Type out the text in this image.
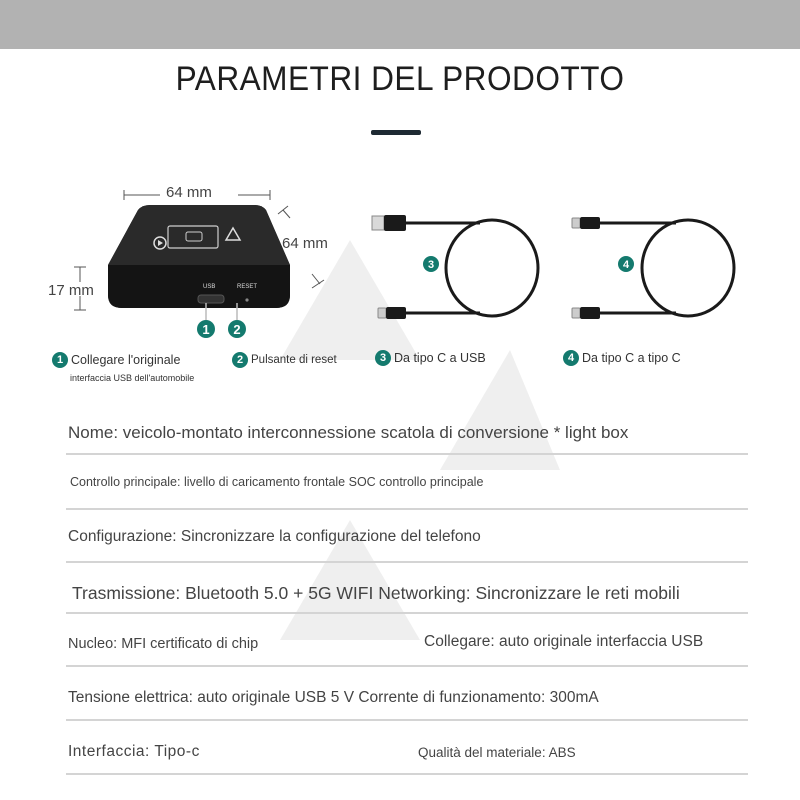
PARAMETRI DEL PRODOTTO
1 2
3	4
64 mm
64 mm
17 mm	USB	RESET
1 Collegare l'originale
interfaccia USB dell'automobile
2 Pulsante di reset	3 Da tipo C a USB	4 Da tipo C a tipo C
Nome: veicolo-montato interconnessione scatola di conversione * light box
Controllo principale: livello di caricamento frontale SOC controllo principale
Configurazione: Sincronizzare la configurazione del telefono
Trasmissione: Bluetooth 5.0 + 5G WIFI Networking: Sincronizzare le reti mobili
Nucleo: MFI certificato di chip	Collegare: auto originale interfaccia USB
Tensione elettrica: auto originale USB 5 V Corrente di funzionamento: 300mA
Interfaccia: Tipo-c	Qualità del materiale: ABS
